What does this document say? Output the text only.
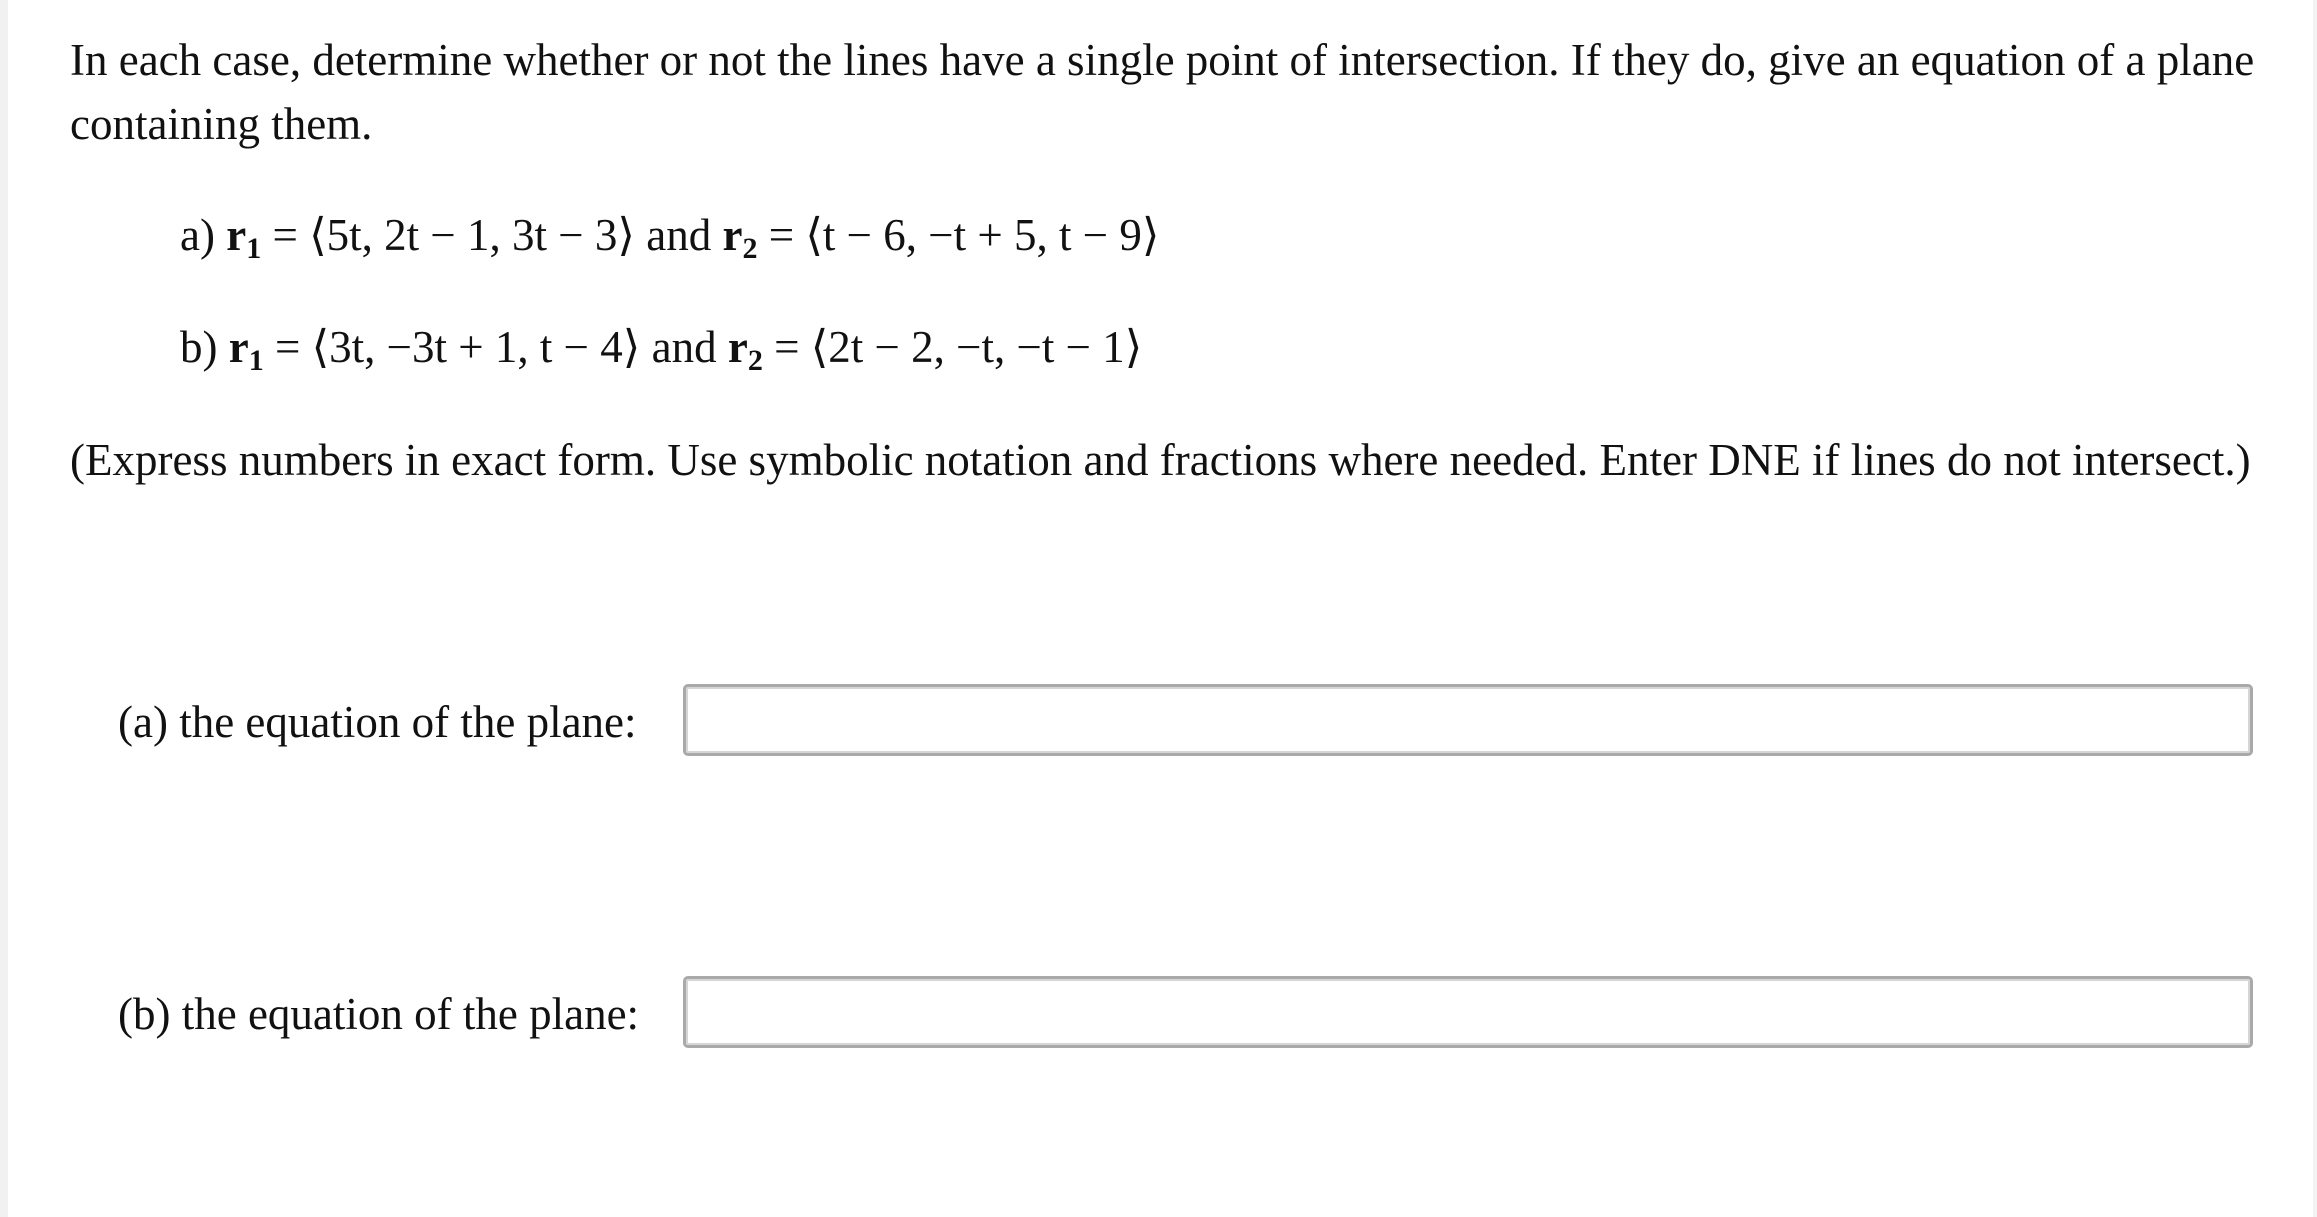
In each case, determine whether or not the lines have a single point of intersection. If they do, give an equation of a plane containing them.

a) r1 = ⟨5t, 2t − 1, 3t − 3⟩ and r2 = ⟨t − 6, −t + 5, t − 9⟩
b) r1 = ⟨3t, −3t + 1, t − 4⟩ and r2 = ⟨2t − 2, −t, −t − 1⟩

(Express numbers in exact form. Use symbolic notation and fractions where needed. Enter DNE if lines do not intersect.)

(a) the equation of the plane:
(b) the equation of the plane:
